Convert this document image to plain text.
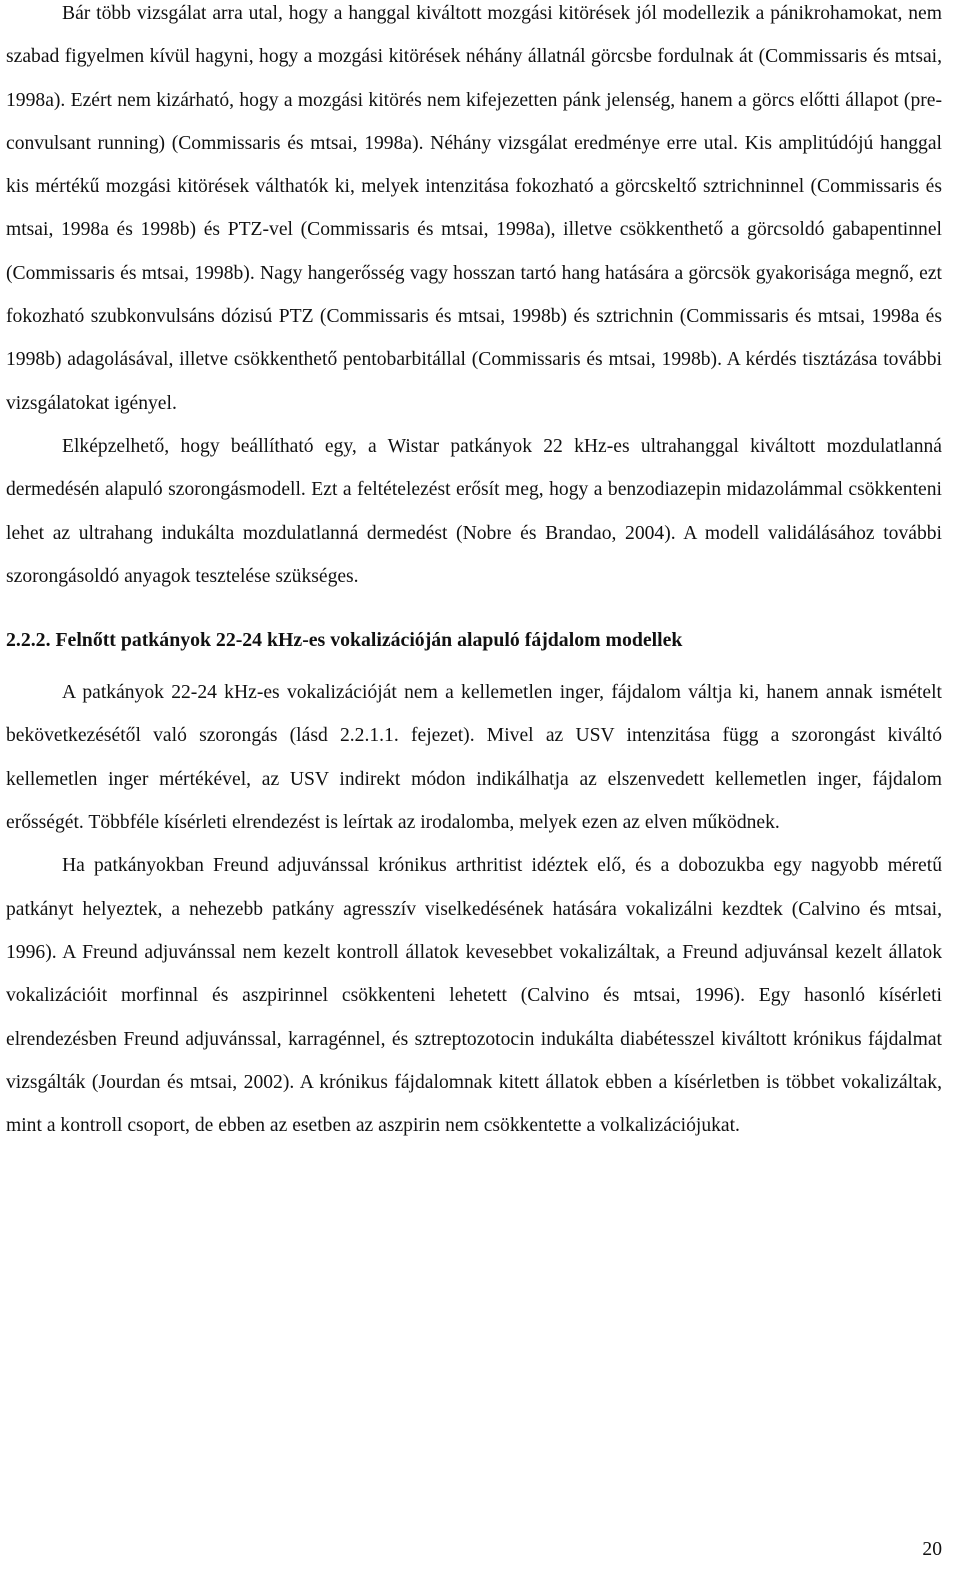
Bár több vizsgálat arra utal, hogy a hanggal kiváltott mozgási kitörések jól modellezik a pánikrohamokat, nem szabad figyelmen kívül hagyni, hogy a mozgási kitörések néhány állatnál görcsbe fordulnak át (Commissaris és mtsai, 1998a). Ezért nem kizárható, hogy a mozgási kitörés nem kifejezetten pánk jelenség, hanem a görcs előtti állapot (pre-convulsant running) (Commissaris és mtsai, 1998a). Néhány vizsgálat eredménye erre utal. Kis amplitúdójú hanggal kis mértékű mozgási kitörések válthatók ki, melyek intenzitása fokozható a görcskeltő sztrichninnel (Commissaris és mtsai, 1998a és 1998b) és PTZ-vel (Commissaris és mtsai, 1998a), illetve csökkenthető a görcsoldó gabapentinnel (Commissaris és mtsai, 1998b). Nagy hangerősség vagy hosszan tartó hang hatására a görcsök gyakorisága megnő, ezt fokozható szubkonvulsáns dózisú PTZ (Commissaris és mtsai, 1998b) és sztrichnin (Commissaris és mtsai, 1998a és 1998b) adagolásával, illetve csökkenthető pentobarbitállal (Commissaris és mtsai, 1998b). A kérdés tisztázása további vizsgálatokat igényel.

Elképzelhető, hogy beállítható egy, a Wistar patkányok 22 kHz-es ultrahanggal kiváltott mozdulatlanná dermedésén alapuló szorongásmodell. Ezt a feltételezést erősít meg, hogy a benzodiazepin midazolámmal csökkenteni lehet az ultrahang indukálta mozdulatlanná dermedést (Nobre és Brandao, 2004). A modell validálásához további szorongásoldó anyagok tesztelése szükséges.

2.2.2. Felnőtt patkányok 22-24 kHz-es vokalizációján alapuló fájdalom modellek

A patkányok 22-24 kHz-es vokalizációját nem a kellemetlen inger, fájdalom váltja ki, hanem annak ismételt bekövetkezésétől való szorongás (lásd 2.2.1.1. fejezet). Mivel az USV intenzitása függ a szorongást kiváltó kellemetlen inger mértékével, az USV indirekt módon indikálhatja az elszenvedett kellemetlen inger, fájdalom erősségét. Többféle kísérleti elrendezést is leírtak az irodalomba, melyek ezen az elven működnek.

Ha patkányokban Freund adjuvánssal krónikus arthritist idéztek elő, és a dobozukba egy nagyobb méretű patkányt helyeztek, a nehezebb patkány agresszív viselkedésének hatására vokalizálni kezdtek (Calvino és mtsai, 1996). A Freund adjuvánssal nem kezelt kontroll állatok kevesebbet vokalizáltak, a Freund adjuvánsal kezelt állatok vokalizációit morfinnal és aszpirinnel csökkenteni lehetett (Calvino és mtsai, 1996). Egy hasonló kísérleti elrendezésben Freund adjuvánssal, karragénnel, és sztreptozotocin indukálta diabétesszel kiváltott krónikus fájdalmat vizsgálták (Jourdan és mtsai, 2002). A krónikus fájdalomnak kitett állatok ebben a kísérletben is többet vokalizáltak, mint a kontroll csoport, de ebben az esetben az aszpirin nem csökkentette a volkalizációjukat.

20
